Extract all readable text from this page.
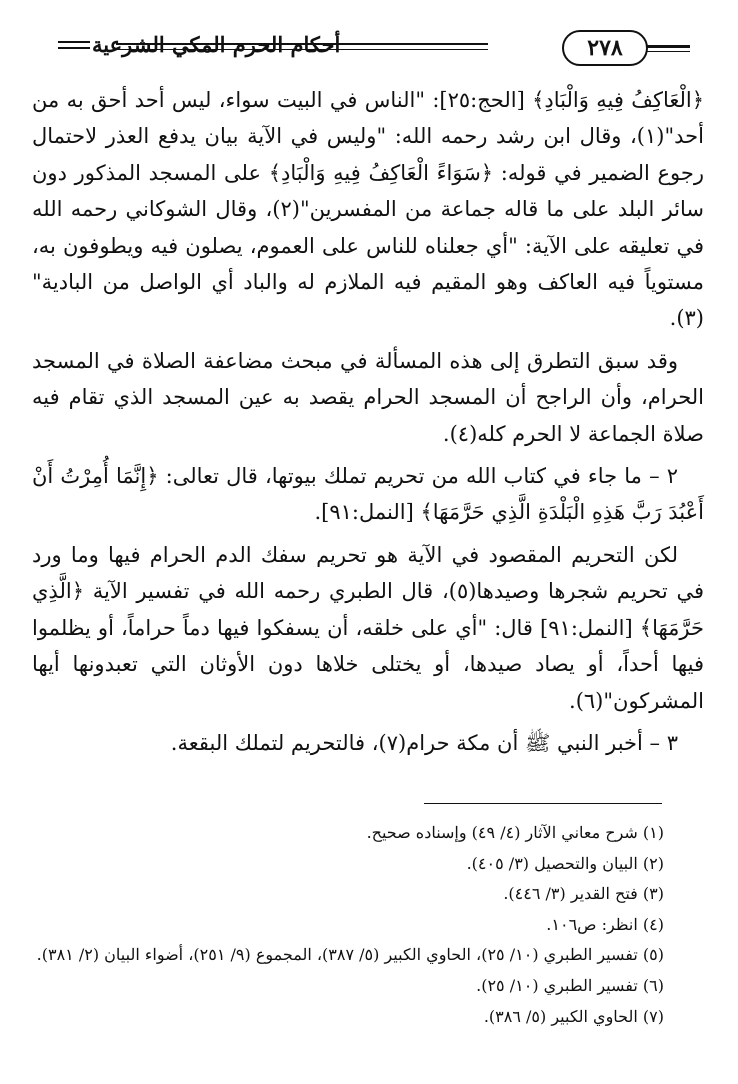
أحكام الحرم المكي الشرعية	٢٧٨

﴿الْعَاكِفُ فِيهِ وَالْبَادِ﴾ [الحج:٢٥]: "الناس في البيت سواء، ليس أحد أحق به من أحد"(١)، وقال ابن رشد رحمه الله: "وليس في الآية بيان يدفع العذر لاحتمال رجوع الضمير في قوله: ﴿سَوَاءً الْعَاكِفُ فِيهِ وَالْبَادِ﴾ على المسجد المذكور دون سائر البلد على ما قاله جماعة من المفسرين"(٢)، وقال الشوكاني رحمه الله في تعليقه على الآية: "أي جعلناه للناس على العموم، يصلون فيه ويطوفون به، مستوياً فيه العاكف وهو المقيم فيه الملازم له والباد أي الواصل من البادية"(٣).

وقد سبق التطرق إلى هذه المسألة في مبحث مضاعفة الصلاة في المسجد الحرام، وأن الراجح أن المسجد الحرام يقصد به عين المسجد الذي تقام فيه صلاة الجماعة لا الحرم كله(٤).

٢ – ما جاء في كتاب الله من تحريم تملك بيوتها، قال تعالى: ﴿إِنَّمَا أُمِرْتُ أَنْ أَعْبُدَ رَبَّ هَذِهِ الْبَلْدَةِ الَّذِي حَرَّمَهَا﴾ [النمل:٩١].

لكن التحريم المقصود في الآية هو تحريم سفك الدم الحرام فيها وما ورد في تحريم شجرها وصيدها(٥)، قال الطبري رحمه الله في تفسير الآية ﴿الَّذِي حَرَّمَهَا﴾ [النمل:٩١] قال: "أي على خلقه، أن يسفكوا فيها دماً حراماً، أو يظلموا فيها أحداً، أو يصاد صيدها، أو يختلى خلاها دون الأوثان التي تعبدونها أيها المشركون"(٦).

٣ – أخبر النبي ﷺ أن مكة حرام(٧)، فالتحريم لتملك البقعة.

(١) شرح معاني الآثار (٤/ ٤٩) وإسناده صحيح.
(٢) البيان والتحصيل (٣/ ٤٠٥).
(٣) فتح القدير (٣/ ٤٤٦).
(٤) انظر: ص١٠٦.
(٥) تفسير الطبري (١٠/ ٢٥)، الحاوي الكبير (٥/ ٣٨٧)، المجموع (٩/ ٢٥١)، أضواء البيان (٢/ ٣٨١).
(٦) تفسير الطبري (١٠/ ٢٥).
(٧) الحاوي الكبير (٥/ ٣٨٦).
